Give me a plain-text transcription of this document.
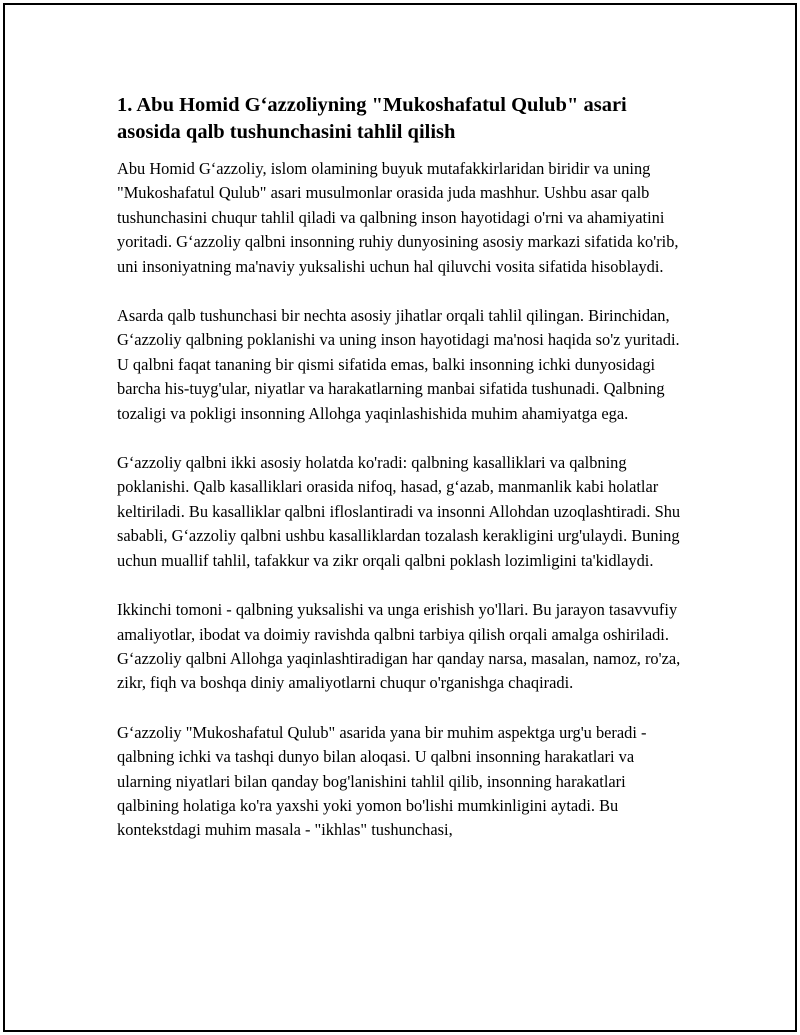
1. Abu Homid G‘azzoliyning "Mukoshafatul Qulub" asari asosida qalb tushunchasini tahlil qilish

Abu Homid G‘azzoliy, islom olamining buyuk mutafakkirlaridan biridir va uning "Mukoshafatul Qulub" asari musulmonlar orasida juda mashhur. Ushbu asar qalb tushunchasini chuqur tahlil qiladi va qalbning inson hayotidagi o'rni va ahamiyatini yoritadi. G‘azzoliy qalbni insonning ruhiy dunyosining asosiy markazi sifatida ko'rib, uni insoniyatning ma'naviy yuksalishi uchun hal qiluvchi vosita sifatida hisoblaydi.

Asarda qalb tushunchasi bir nechta asosiy jihatlar orqali tahlil qilingan. Birinchidan, G‘azzoliy qalbning poklanishi va uning inson hayotidagi ma'nosi haqida so'z yuritadi. U qalbni faqat tananing bir qismi sifatida emas, balki insonning ichki dunyosidagi barcha his-tuyg'ular, niyatlar va harakatlarning manbai sifatida tushunadi. Qalbning tozaligi va pokligi insonning Allohga yaqinlashishida muhim ahamiyatga ega.

G‘azzoliy qalbni ikki asosiy holatda ko'radi: qalbning kasalliklari va qalbning poklanishi. Qalb kasalliklari orasida nifoq, hasad, g‘azab, manmanlik kabi holatlar keltiriladi. Bu kasalliklar qalbni ifloslantiradi va insonni Allohdan uzoqlashtiradi. Shu sababli, G‘azzoliy qalbni ushbu kasalliklardan tozalash kerakligini urg'ulaydi. Buning uchun muallif tahlil, tafakkur va zikr orqali qalbni poklash lozimligini ta'kidlaydi.

Ikkinchi tomoni - qalbning yuksalishi va unga erishish yo'llari. Bu jarayon tasavvufiy amaliyotlar, ibodat va doimiy ravishda qalbni tarbiya qilish orqali amalga oshiriladi. G‘azzoliy qalbni Allohga yaqinlashtiradigan har qanday narsa, masalan, namoz, ro'za, zikr, fiqh va boshqa diniy amaliyotlarni chuqur o'rganishga chaqiradi.

G‘azzoliy "Mukoshafatul Qulub" asarida yana bir muhim aspektga urg'u beradi - qalbning ichki va tashqi dunyo bilan aloqasi. U qalbni insonning harakatlari va ularning niyatlari bilan qanday bog'lanishini tahlil qilib, insonning harakatlari qalbining holatiga ko'ra yaxshi yoki yomon bo'lishi mumkinligini aytadi. Bu kontekstdagi muhim masala - "ikhlas" tushunchasi,
